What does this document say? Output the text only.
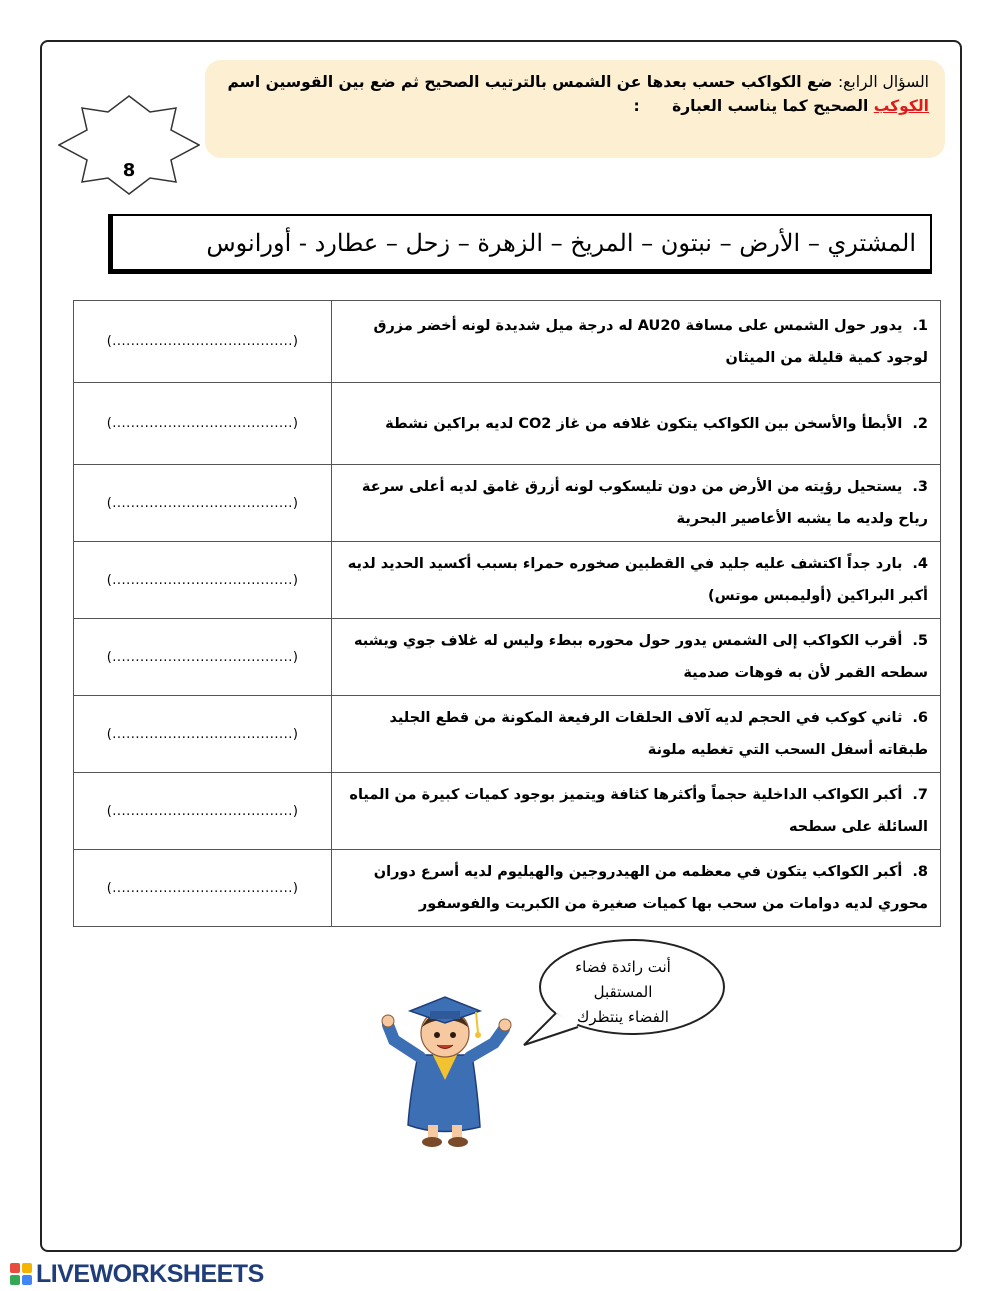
السؤال الرابع: ضع الكواكب حسب بعدها عن الشمس بالترتيب الصحيح ثم ضع بين القوسين اسم
الكوكب الصحيح كما يناسب العبارة      :
8
المشتري – الأرض – نبتون – المريخ – الزهرة – زحل – عطارد - أورانوس
1.يدور حول الشمس على مسافة AU20 له درجة ميل شديدة لونه أخضر مزرق لوجود كمية قليلة من الميثان	(.......................................)
2.الأبطأ والأسخن بين الكواكب يتكون غلافه من غاز CO2 لديه براكين نشطة	(.......................................)
3.يستحيل رؤيته من الأرض من دون تليسكوب لونه أزرق غامق لديه أعلى سرعة رياح ولديه ما يشبه الأعاصير البحرية	(.......................................)
4.بارد جداً اكتشف عليه جليد في القطبين صخوره حمراء بسبب أكسيد الحديد لديه أكبر البراكين (أوليمبس موتس)	(.......................................)
5.أقرب الكواكب إلى الشمس يدور حول محوره ببطء وليس له غلاف جوي ويشبه سطحه القمر لأن به فوهات صدمية	(.......................................)
6.ثاني كوكب في الحجم لديه آلاف الحلقات الرفيعة المكونة من قطع الجليد طبقاته أسفل السحب التي تغطيه ملونة	(.......................................)
7.أكبر الكواكب الداخلية حجماً وأكثرها كثافة ويتميز بوجود كميات كبيرة من المياه السائلة على سطحه	(.......................................)
8.أكبر الكواكب يتكون في معظمه من الهيدروجين والهيليوم لديه أسرع دوران محوري لديه دوامات من سحب بها كميات صغيرة من الكبريت والفوسفور	(.......................................)
أنت رائدة فضاء
المستقبل
الفضاء ينتظرك
LIVEWORKSHEETS
